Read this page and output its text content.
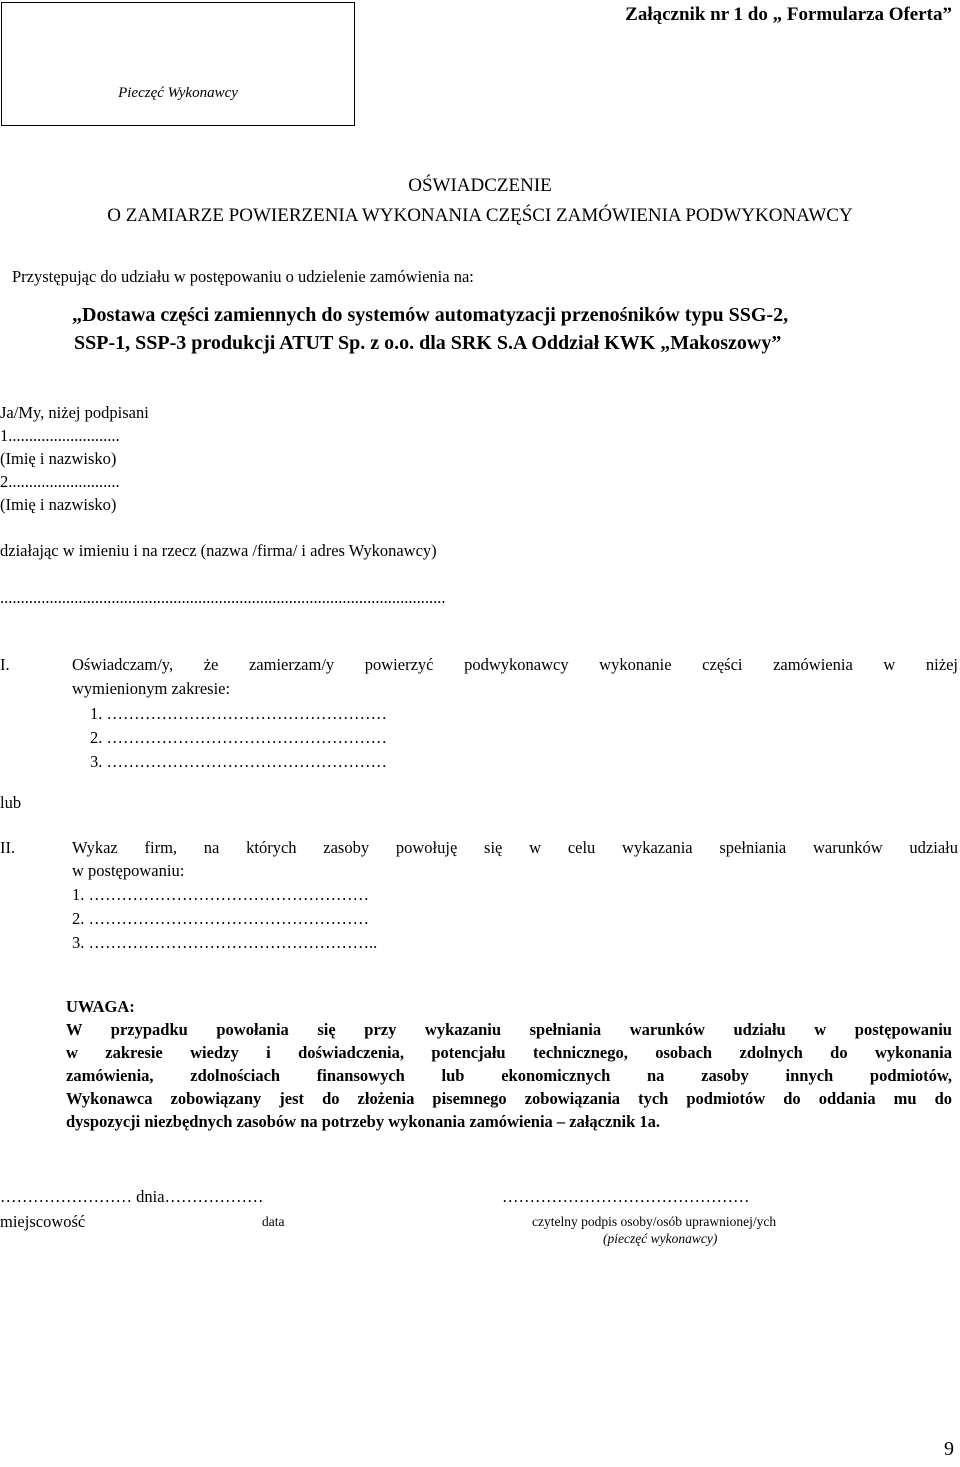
Pieczęć Wykonawcy
Załącznik nr 1 do „ Formularza Oferta”
OŚWIADCZENIE
O ZAMIARZE POWIERZENIA WYKONANIA CZĘŚCI ZAMÓWIENIA PODWYKONAWCY
Przystępując do udziału w postępowaniu o udzielenie zamówienia na:
„Dostawa części zamiennych do systemów automatyzacji przenośników typu SSG-2,
SSP-1, SSP-3 produkcji ATUT Sp. z o.o. dla SRK S.A Oddział KWK „Makoszowy”
Ja/My, niżej podpisani
1...........................
(Imię i nazwisko)
2...........................
(Imię i nazwisko)
działając w imieniu i na rzecz (nazwa /firma/ i adres Wykonawcy)
............................................................................................................
I.	Oświadczam/y, że zamierzam/y powierzyć podwykonawcy wykonanie części zamówienia w niżej
wymienionym zakresie:
1. ……………………………………………
2. ……………………………………………
3. ……………………………………………
lub
II.	Wykaz firm, na których zasoby powołuję się w celu wykazania spełniania warunków udziału
w postępowaniu:
1. ……………………………………………
2. ……………………………………………
3. ……………………………………………..
UWAGA:
W przypadku powołania się przy wykazaniu spełniania warunków udziału w postępowaniu
w zakresie wiedzy i doświadczenia, potencjału technicznego, osobach zdolnych do wykonania
zamówienia, zdolnościach finansowych lub ekonomicznych na zasoby innych podmiotów,
Wykonawca zobowiązany jest do złożenia pisemnego zobowiązania tych podmiotów do oddania mu do
dyspozycji niezbędnych zasobów na potrzeby wykonania zamówienia – załącznik 1a.
…………………… dnia………………	………………………………………
miejscowość	data	czytelny podpis osoby/osób uprawnionej/ych
(pieczęć wykonawcy)
9
